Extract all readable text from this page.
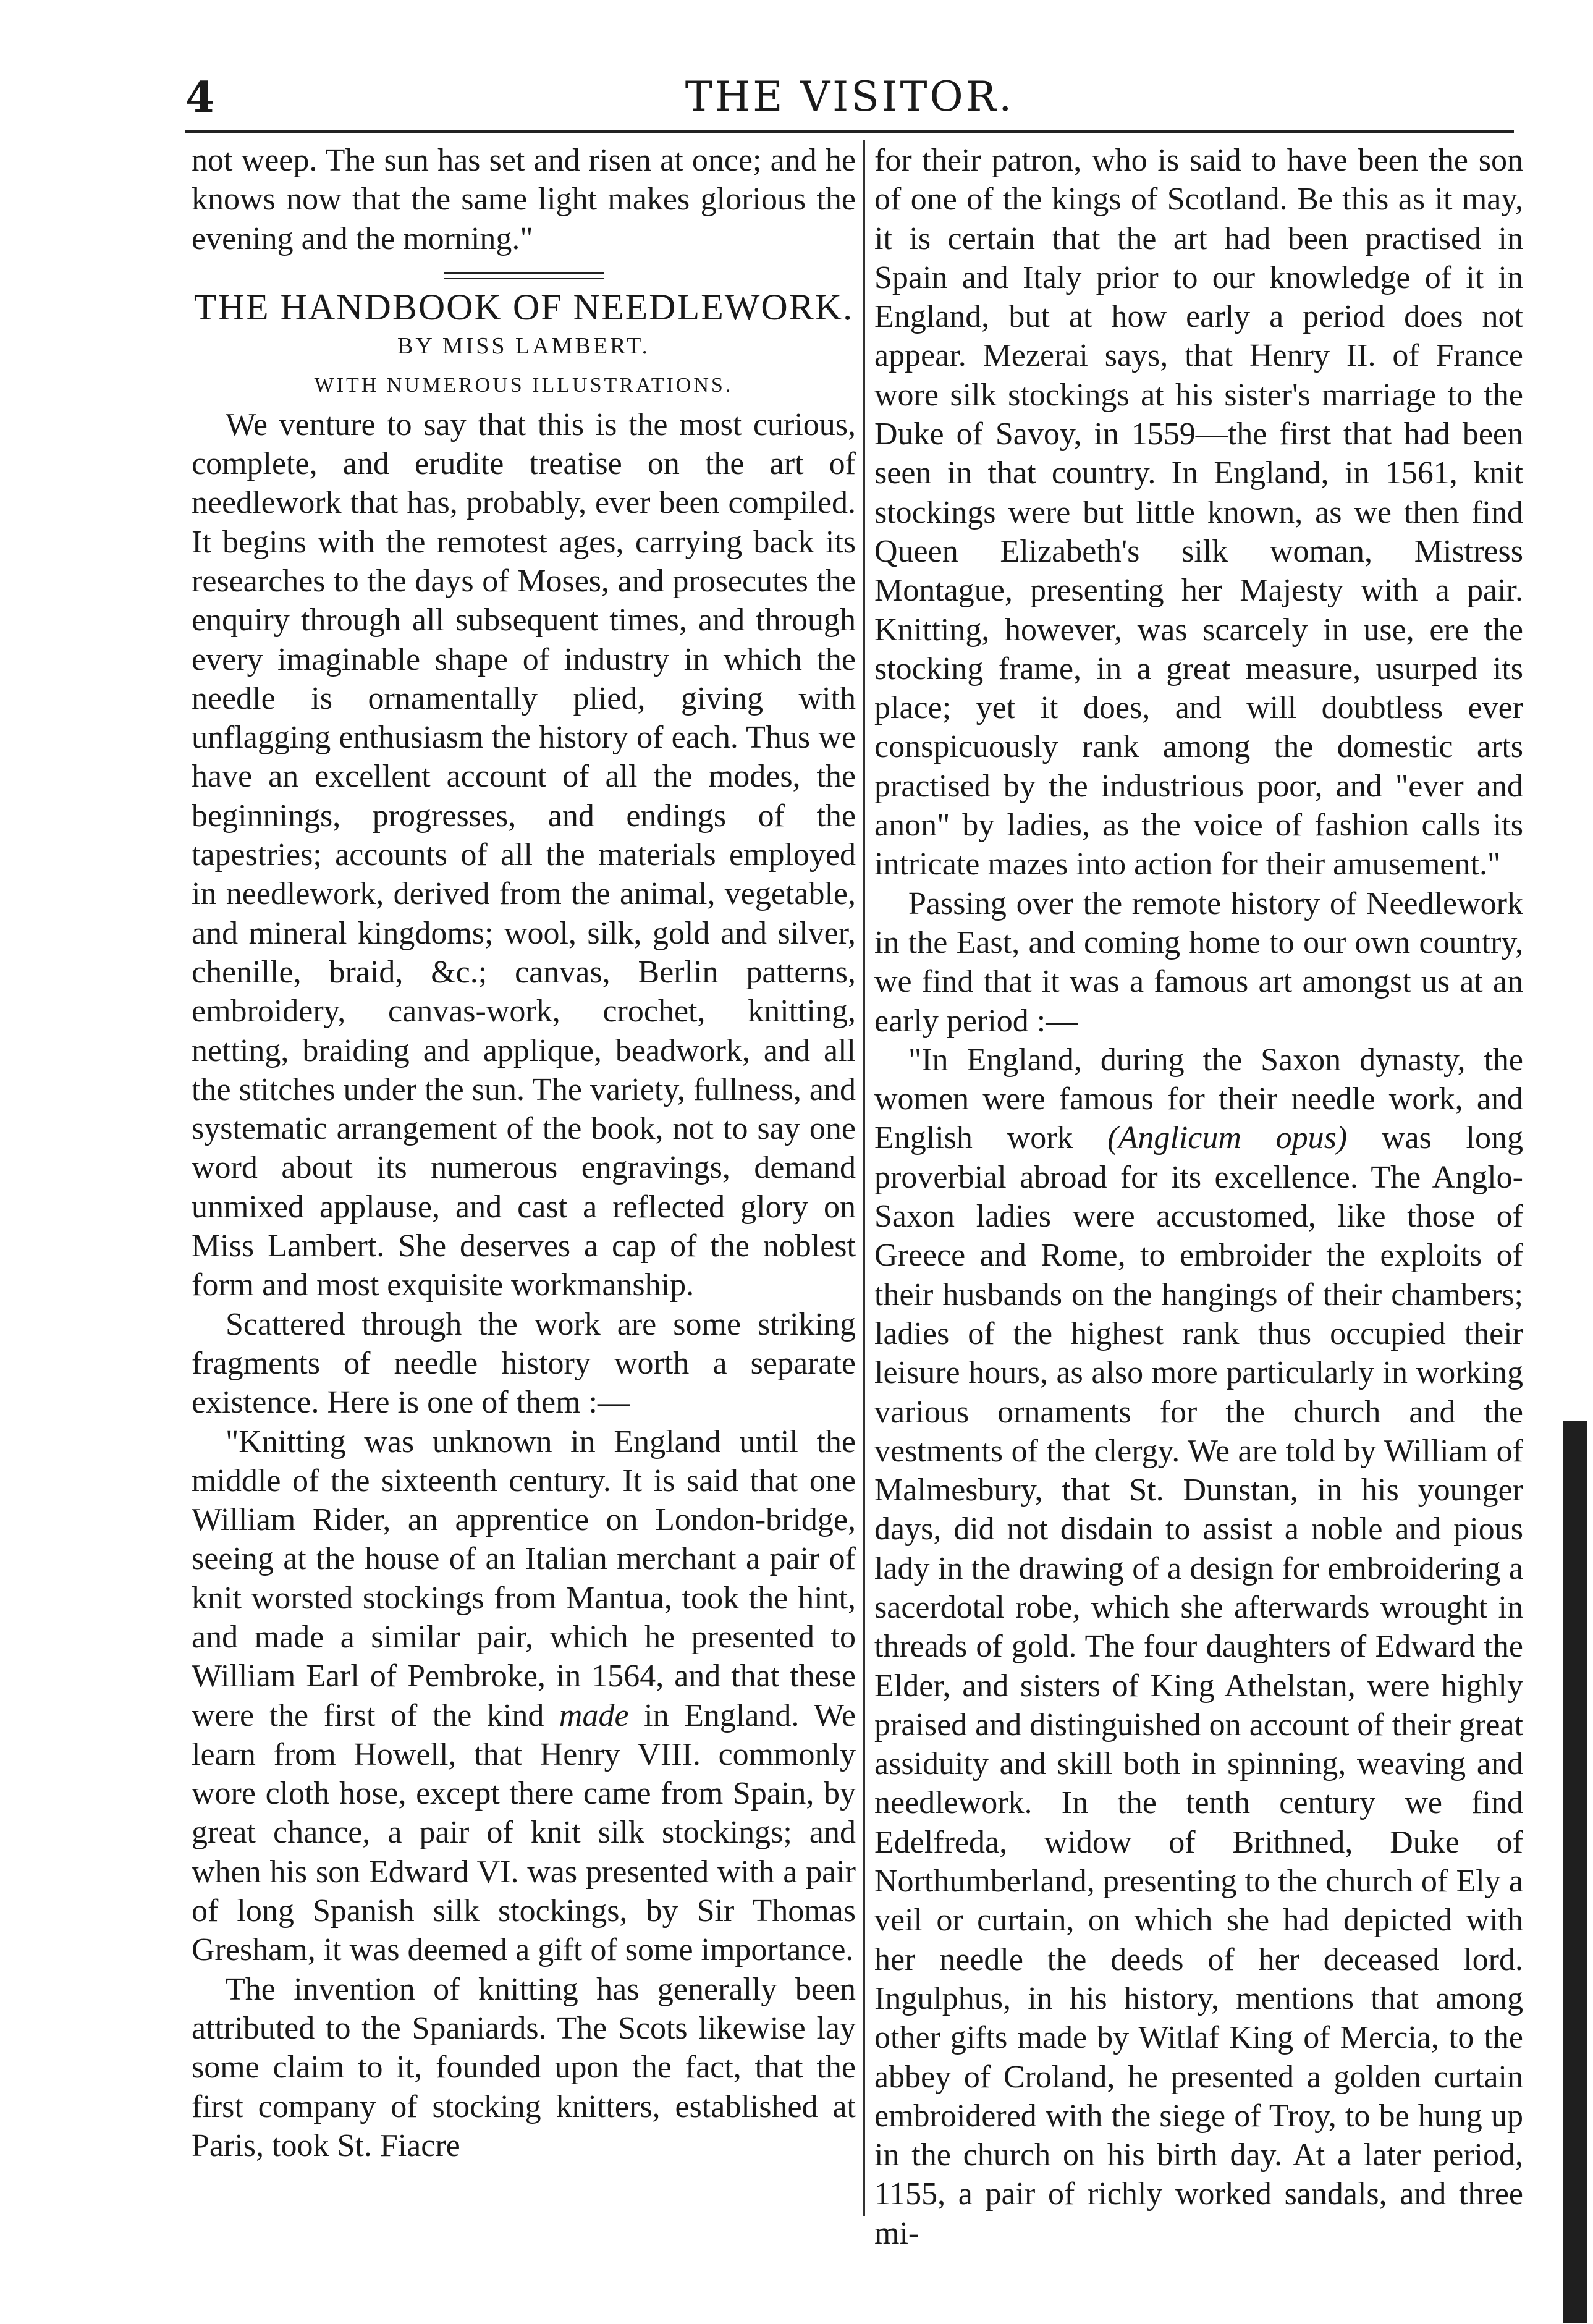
4	THE VISITOR.

not weep. The sun has set and risen at once; and he knows now that the same light makes glorious the evening and the morning."

THE HANDBOOK OF NEEDLEWORK.

BY MISS LAMBERT.

WITH NUMEROUS ILLUSTRATIONS.

We venture to say that this is the most curious, complete, and erudite treatise on the art of needlework that has, probably, ever been compiled. It begins with the remotest ages, carrying back its researches to the days of Moses, and prosecutes the enquiry through all subsequent times, and through every imaginable shape of industry in which the needle is ornamentally plied, giving with unflagging enthusiasm the history of each. Thus we have an excellent account of all the modes, the beginnings, progresses, and endings of the tapestries; accounts of all the materials employed in needlework, derived from the animal, vegetable, and mineral kingdoms; wool, silk, gold and silver, chenille, braid, &c.; canvas, Berlin patterns, embroidery, canvas-work, crochet, knitting, netting, braiding and applique, beadwork, and all the stitches under the sun. The variety, fullness, and systematic arrangement of the book, not to say one word about its numerous engravings, demand unmixed applause, and cast a reflected glory on Miss Lambert. She deserves a cap of the noblest form and most exquisite workmanship.

Scattered through the work are some striking fragments of needle history worth a separate existence. Here is one of them :—

"Knitting was unknown in England until the middle of the sixteenth century. It is said that one William Rider, an apprentice on London-bridge, seeing at the house of an Italian merchant a pair of knit worsted stockings from Mantua, took the hint, and made a similar pair, which he presented to William Earl of Pembroke, in 1564, and that these were the first of the kind made in England. We learn from Howell, that Henry VIII. commonly wore cloth hose, except there came from Spain, by great chance, a pair of knit silk stockings; and when his son Edward VI. was presented with a pair of long Spanish silk stockings, by Sir Thomas Gresham, it was deemed a gift of some importance.

The invention of knitting has generally been attributed to the Spaniards. The Scots likewise lay some claim to it, founded upon the fact, that the first company of stocking knitters, established at Paris, took St. Fiacre

for their patron, who is said to have been the son of one of the kings of Scotland. Be this as it may, it is certain that the art had been practised in Spain and Italy prior to our knowledge of it in England, but at how early a period does not appear. Mezerai says, that Henry II. of France wore silk stockings at his sister's marriage to the Duke of Savoy, in 1559—the first that had been seen in that country. In England, in 1561, knit stockings were but little known, as we then find Queen Elizabeth's silk woman, Mistress Montague, presenting her Majesty with a pair. Knitting, however, was scarcely in use, ere the stocking frame, in a great measure, usurped its place; yet it does, and will doubtless ever conspicuously rank among the domestic arts practised by the industrious poor, and "ever and anon" by ladies, as the voice of fashion calls its intricate mazes into action for their amusement."

Passing over the remote history of Needlework in the East, and coming home to our own country, we find that it was a famous art amongst us at an early period :—

"In England, during the Saxon dynasty, the women were famous for their needle work, and English work (Anglicum opus) was long proverbial abroad for its excellence. The Anglo-Saxon ladies were accustomed, like those of Greece and Rome, to embroider the exploits of their husbands on the hangings of their chambers; ladies of the highest rank thus occupied their leisure hours, as also more particularly in working various ornaments for the church and the vestments of the clergy. We are told by William of Malmesbury, that St. Dunstan, in his younger days, did not disdain to assist a noble and pious lady in the drawing of a design for embroidering a sacerdotal robe, which she afterwards wrought in threads of gold. The four daughters of Edward the Elder, and sisters of King Athelstan, were highly praised and distinguished on account of their great assiduity and skill both in spinning, weaving and needlework. In the tenth century we find Edelfreda, widow of Brithned, Duke of Northumberland, presenting to the church of Ely a veil or curtain, on which she had depicted with her needle the deeds of her deceased lord. Ingulphus, in his history, mentions that among other gifts made by Witlaf King of Mercia, to the abbey of Croland, he presented a golden curtain embroidered with the siege of Troy, to be hung up in the church on his birth day. At a later period, 1155, a pair of richly worked sandals, and three mi-
